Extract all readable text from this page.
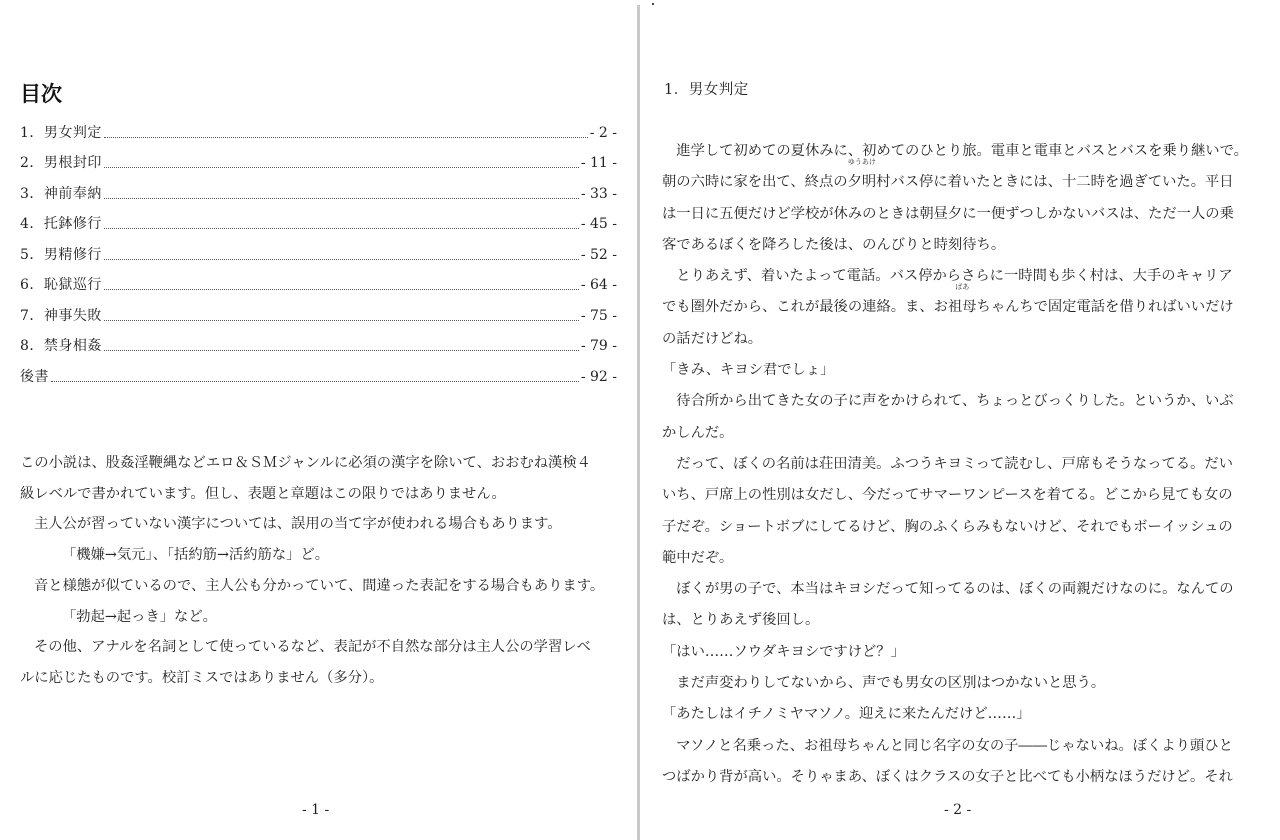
目次
1．男女判定	- 2 -
2．男根封印	- 11 -
3．神前奉納	- 33 -
4．托鉢修行	- 45 -
5．男精修行	- 52 -
6．恥獄巡行	- 64 -
7．神事失敗	- 75 -
8．禁身相姦	- 79 -
後書	- 92 -

この小説は、股姦淫鞭縄などエロ＆ＳＭジャンルに必須の漢字を除いて、おおむね漢検４

級レベルで書かれています。但し、表題と章題はこの限りではありません。

主人公が習っていない漢字については、誤用の当て字が使われる場合もあります。

「機嫌→気元」、「括約筋→活約筋な」ど。

音と様態が似ているので、主人公も分かっていて、間違った表記をする場合もあります。

「勃起→起っき」など。

その他、アナルを名詞として使っているなど、表記が不自然な部分は主人公の学習レベ

ルに応じたものです。校訂ミスではありません（多分）。

- 1 -
1．男女判定

　進学して初めての夏休みに、初めてのひとり旅。電車と電車とバスとバスを乗り継いで。

朝の六時に家を出て、終点の
ゆうあけ
夕明村バス停に着いたときには、十二時を過ぎていた。平日

は一日に五便だけど学校が休みのときは朝昼夕に一便ずつしかないバスは、ただ一人の乗

客であるぼくを降ろした後は、のんびりと時刻待ち。

　とりあえず、着いたよって電話。バス停からさらに一時間も歩く村は、大手のキャリア

でも圏外だから、これが最後の連絡。ま、お
ばあ
祖母ちゃんちで固定電話を借りればいいだけ

の話だけどね。

「きみ、キヨシ君でしょ」

　待合所から出てきた女の子に声をかけられて、ちょっとびっくりした。というか、いぶ

かしんだ。

　だって、ぼくの名前は荘田清美。ふつうキヨミって読むし、戸席もそうなってる。だい

いち、戸席上の性別は女だし、今だってサマーワンピースを着てる。どこから見ても女の

子だぞ。ショートボブにしてるけど、胸のふくらみもないけど、それでもボーイッシュの

範中だぞ。

　ぼくが男の子で、本当はキヨシだって知ってるのは、ぼくの両親だけなのに。なんての

は、とりあえず後回し。

「はい……ソウダキヨシですけど？」

　まだ声変わりしてないから、声でも男女の区別はつかないと思う。

「あたしはイチノミヤマソノ。迎えに来たんだけど……」

　マソノと名乗った、お祖母ちゃんと同じ名字の女の子――じゃないね。ぼくより頭ひと

つばかり背が高い。そりゃまあ、ぼくはクラスの女子と比べても小柄なほうだけど。それ

- 2 -
